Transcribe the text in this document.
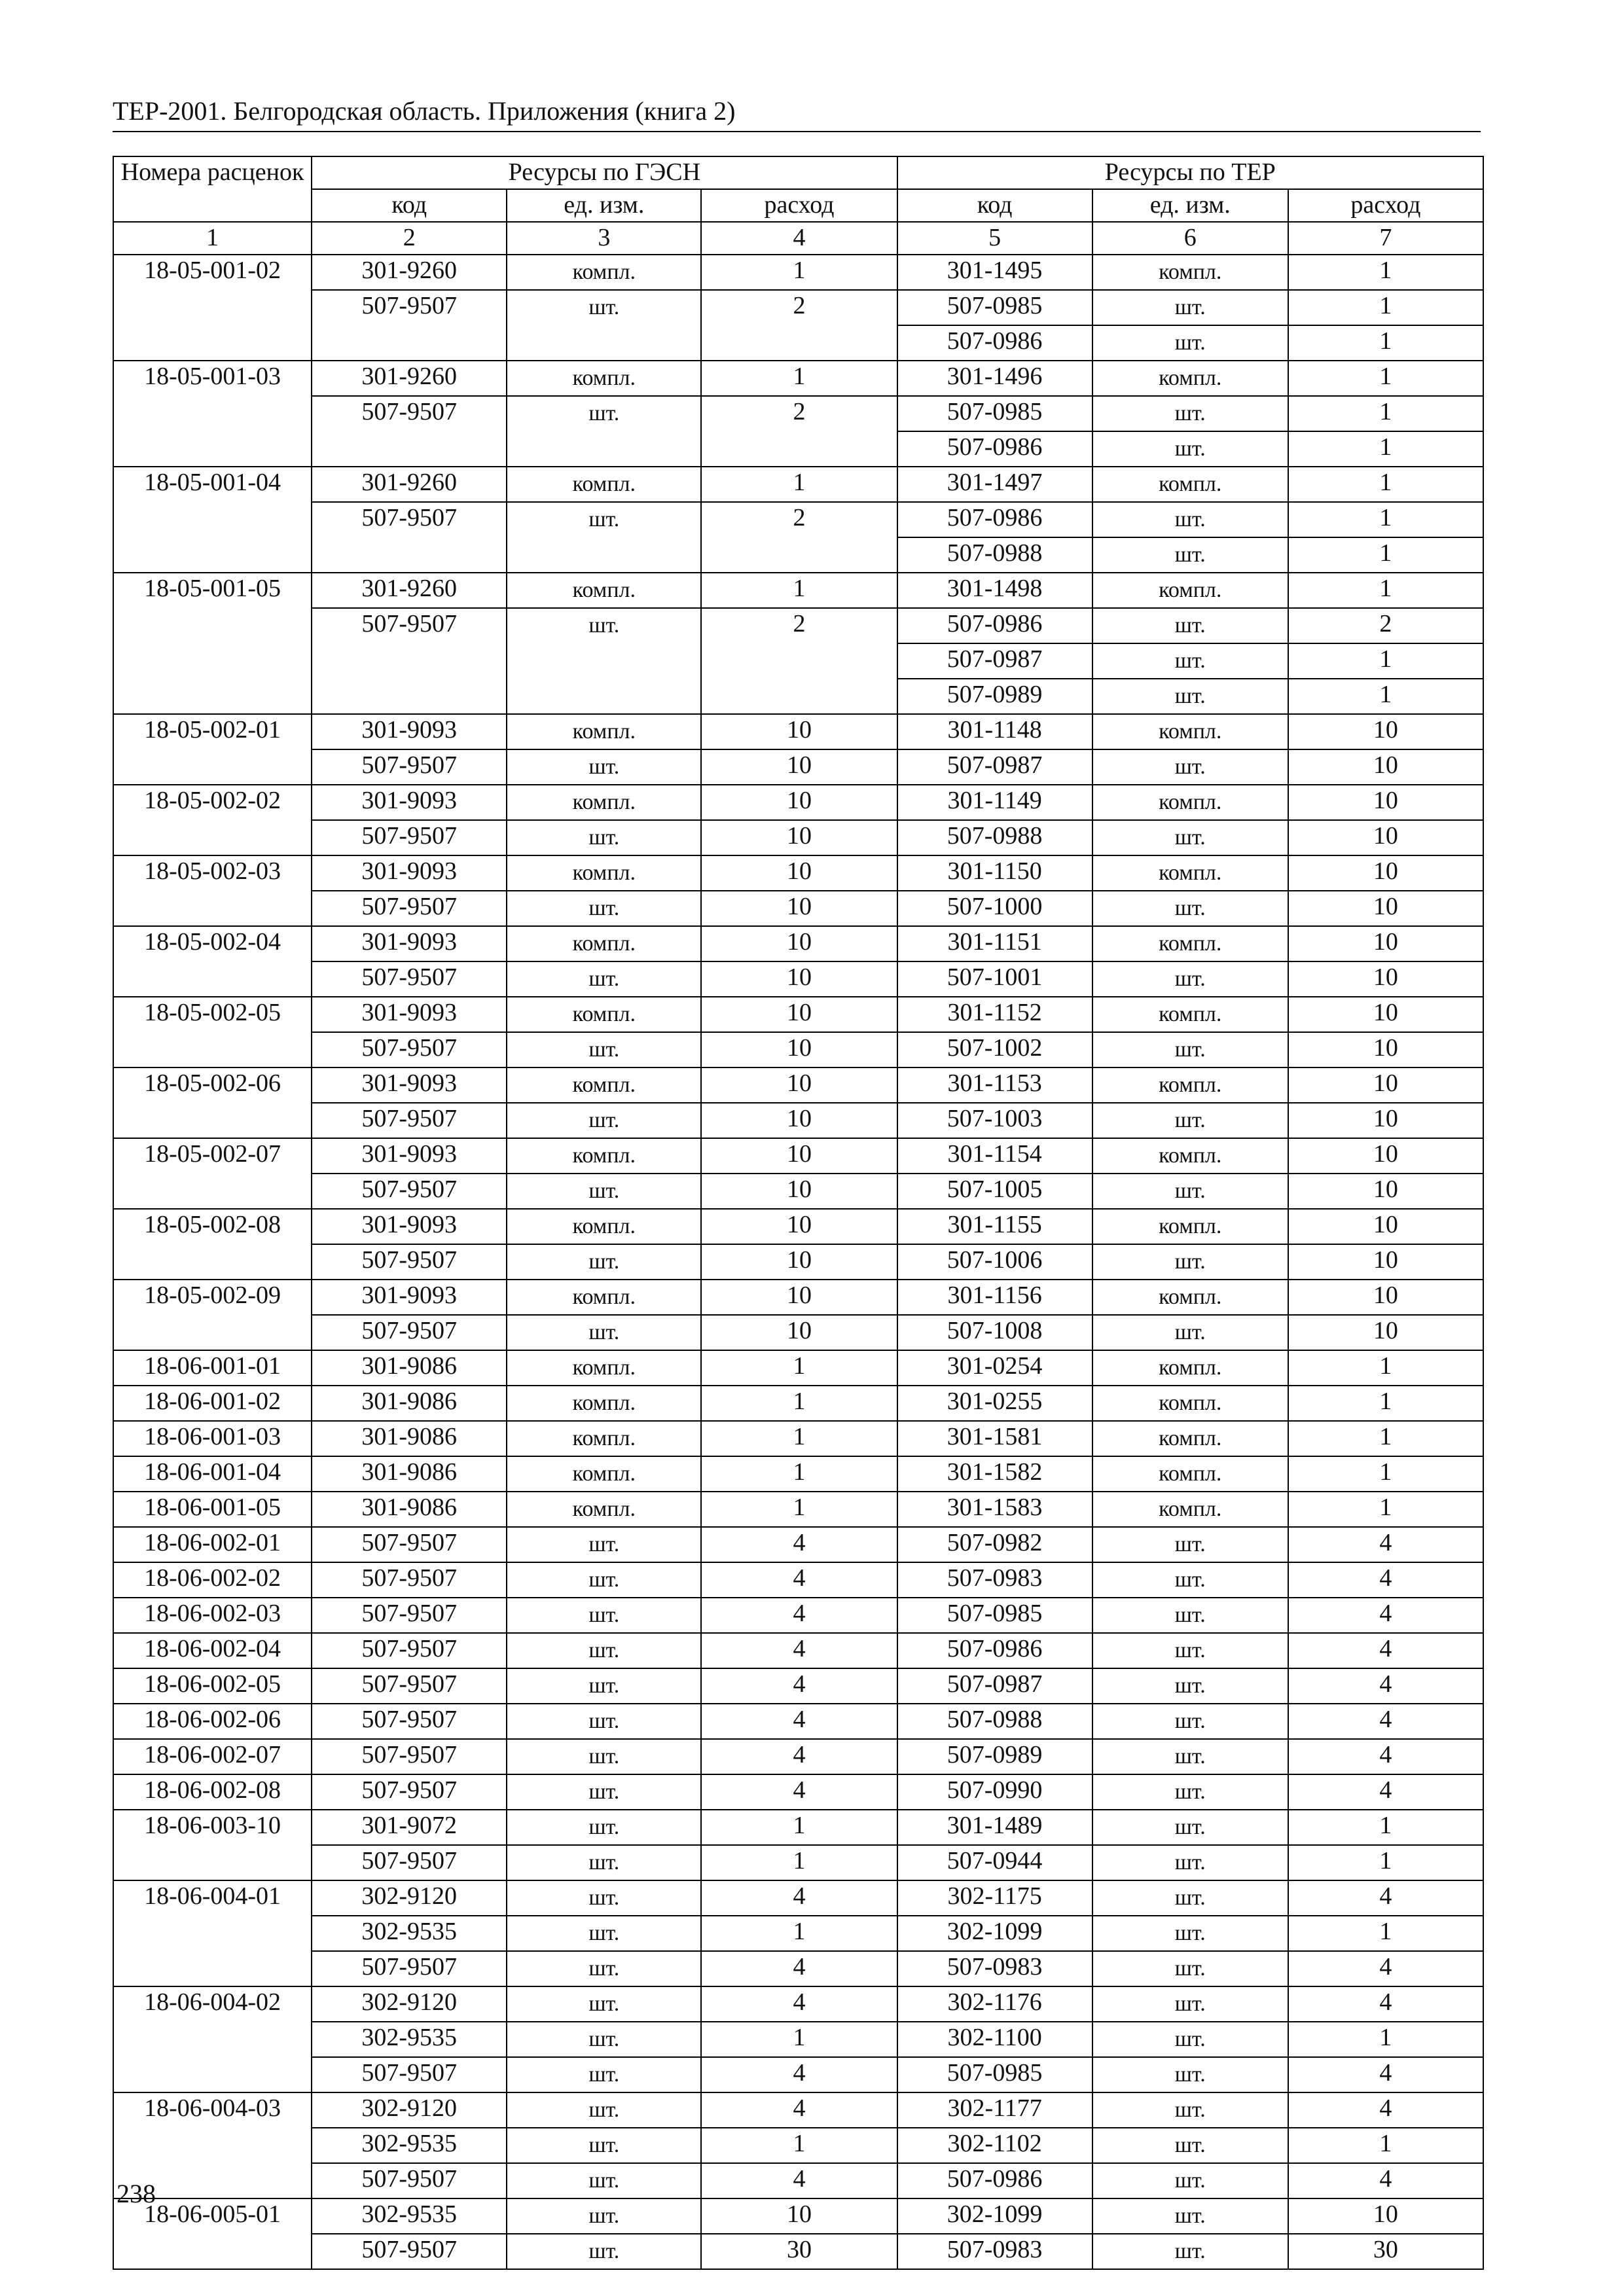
ТЕР-2001. Белгородская область. Приложения (книга 2)
Номера расценок	Ресурсы по ГЭСН			Ресурсы по ТЕР		
	код	ед. изм.	расход	код	ед. изм.	расход
1	2	3	4	5	6	7
18-05-001-02	301-9260	компл.	1	301-1495	компл.	1
	507-9507	шт.	2	507-0985	шт.	1
				507-0986	шт.	1
18-05-001-03	301-9260	компл.	1	301-1496	компл.	1
	507-9507	шт.	2	507-0985	шт.	1
				507-0986	шт.	1
18-05-001-04	301-9260	компл.	1	301-1497	компл.	1
	507-9507	шт.	2	507-0986	шт.	1
				507-0988	шт.	1
18-05-001-05	301-9260	компл.	1	301-1498	компл.	1
	507-9507	шт.	2	507-0986	шт.	2
				507-0987	шт.	1
				507-0989	шт.	1
18-05-002-01	301-9093	компл.	10	301-1148	компл.	10
	507-9507	шт.	10	507-0987	шт.	10
18-05-002-02	301-9093	компл.	10	301-1149	компл.	10
	507-9507	шт.	10	507-0988	шт.	10
18-05-002-03	301-9093	компл.	10	301-1150	компл.	10
	507-9507	шт.	10	507-1000	шт.	10
18-05-002-04	301-9093	компл.	10	301-1151	компл.	10
	507-9507	шт.	10	507-1001	шт.	10
18-05-002-05	301-9093	компл.	10	301-1152	компл.	10
	507-9507	шт.	10	507-1002	шт.	10
18-05-002-06	301-9093	компл.	10	301-1153	компл.	10
	507-9507	шт.	10	507-1003	шт.	10
18-05-002-07	301-9093	компл.	10	301-1154	компл.	10
	507-9507	шт.	10	507-1005	шт.	10
18-05-002-08	301-9093	компл.	10	301-1155	компл.	10
	507-9507	шт.	10	507-1006	шт.	10
18-05-002-09	301-9093	компл.	10	301-1156	компл.	10
	507-9507	шт.	10	507-1008	шт.	10
18-06-001-01	301-9086	компл.	1	301-0254	компл.	1
18-06-001-02	301-9086	компл.	1	301-0255	компл.	1
18-06-001-03	301-9086	компл.	1	301-1581	компл.	1
18-06-001-04	301-9086	компл.	1	301-1582	компл.	1
18-06-001-05	301-9086	компл.	1	301-1583	компл.	1
18-06-002-01	507-9507	шт.	4	507-0982	шт.	4
18-06-002-02	507-9507	шт.	4	507-0983	шт.	4
18-06-002-03	507-9507	шт.	4	507-0985	шт.	4
18-06-002-04	507-9507	шт.	4	507-0986	шт.	4
18-06-002-05	507-9507	шт.	4	507-0987	шт.	4
18-06-002-06	507-9507	шт.	4	507-0988	шт.	4
18-06-002-07	507-9507	шт.	4	507-0989	шт.	4
18-06-002-08	507-9507	шт.	4	507-0990	шт.	4
18-06-003-10	301-9072	шт.	1	301-1489	шт.	1
	507-9507	шт.	1	507-0944	шт.	1
18-06-004-01	302-9120	шт.	4	302-1175	шт.	4
	302-9535	шт.	1	302-1099	шт.	1
	507-9507	шт.	4	507-0983	шт.	4
18-06-004-02	302-9120	шт.	4	302-1176	шт.	4
	302-9535	шт.	1	302-1100	шт.	1
	507-9507	шт.	4	507-0985	шт.	4
18-06-004-03	302-9120	шт.	4	302-1177	шт.	4
	302-9535	шт.	1	302-1102	шт.	1
	507-9507	шт.	4	507-0986	шт.	4
18-06-005-01	302-9535	шт.	10	302-1099	шт.	10
	507-9507	шт.	30	507-0983	шт.	30
238
